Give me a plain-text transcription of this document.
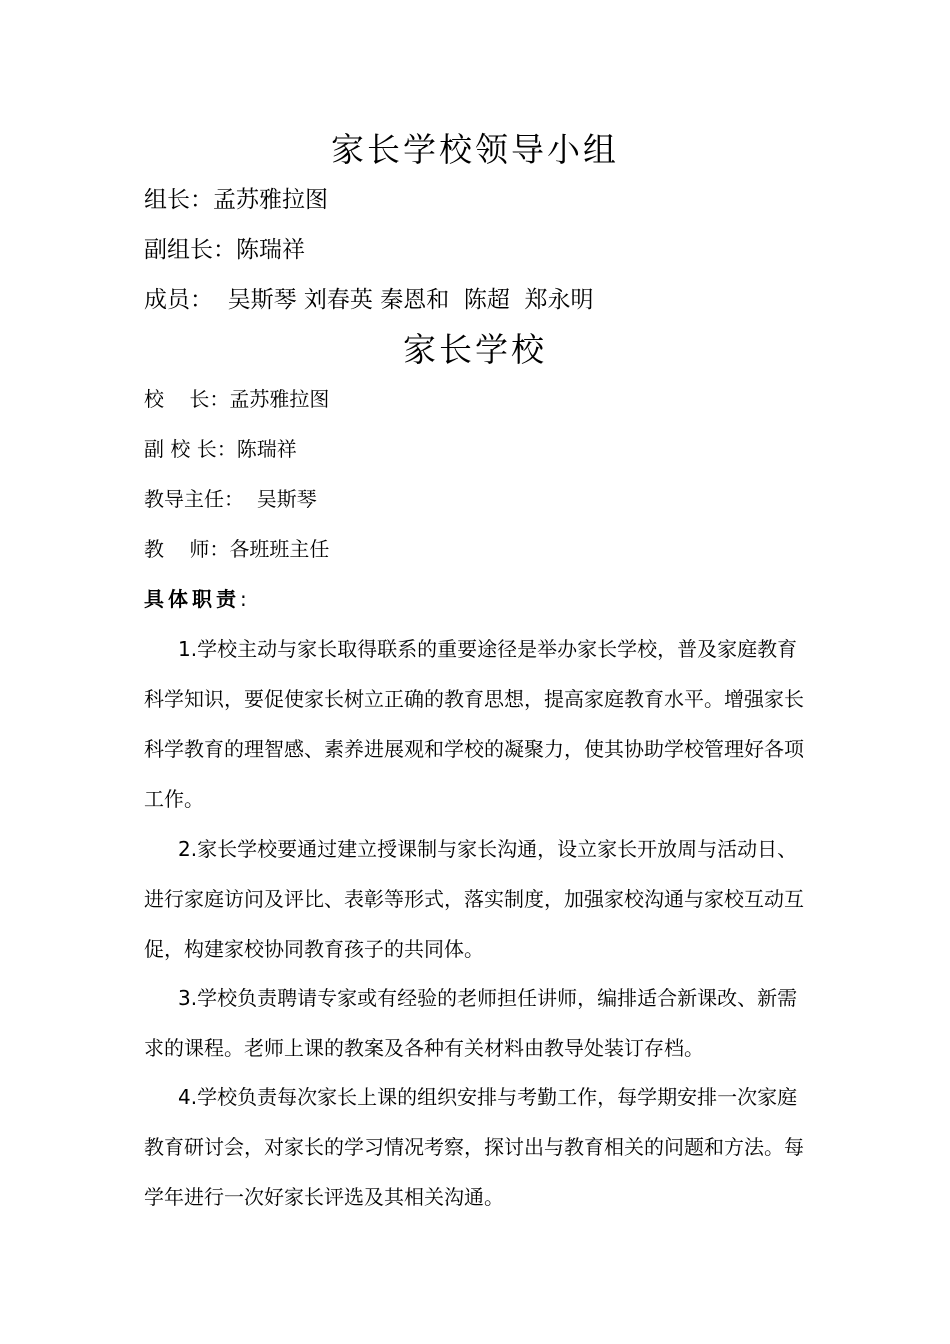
家长学校领导小组
组长：孟苏雅拉图
副组长：陈瑞祥
成员：  吴斯琴 刘春英 秦恩和  陈超  郑永明
家长学校
校    长：孟苏雅拉图
副 校 长：陈瑞祥
教导主任：  吴斯琴
教    师：各班班主任
具体职责:
1.学校主动与家长取得联系的重要途径是举办家长学校，普及家庭教育科学知识，要促使家长树立正确的教育思想，提高家庭教育水平。增强家长科学教育的理智感、素养进展观和学校的凝聚力，使其协助学校管理好各项工作。
2.家长学校要通过建立授课制与家长沟通，设立家长开放周与活动日、进行家庭访问及评比、表彰等形式，落实制度，加强家校沟通与家校互动互促，构建家校协同教育孩子的共同体。
3.学校负责聘请专家或有经验的老师担任讲师，编排适合新课改、新需求的课程。老师上课的教案及各种有关材料由教导处装订存档。
4.学校负责每次家长上课的组织安排与考勤工作，每学期安排一次家庭教育研讨会，对家长的学习情况考察，探讨出与教育相关的问题和方法。每学年进行一次好家长评选及其相关沟通。
